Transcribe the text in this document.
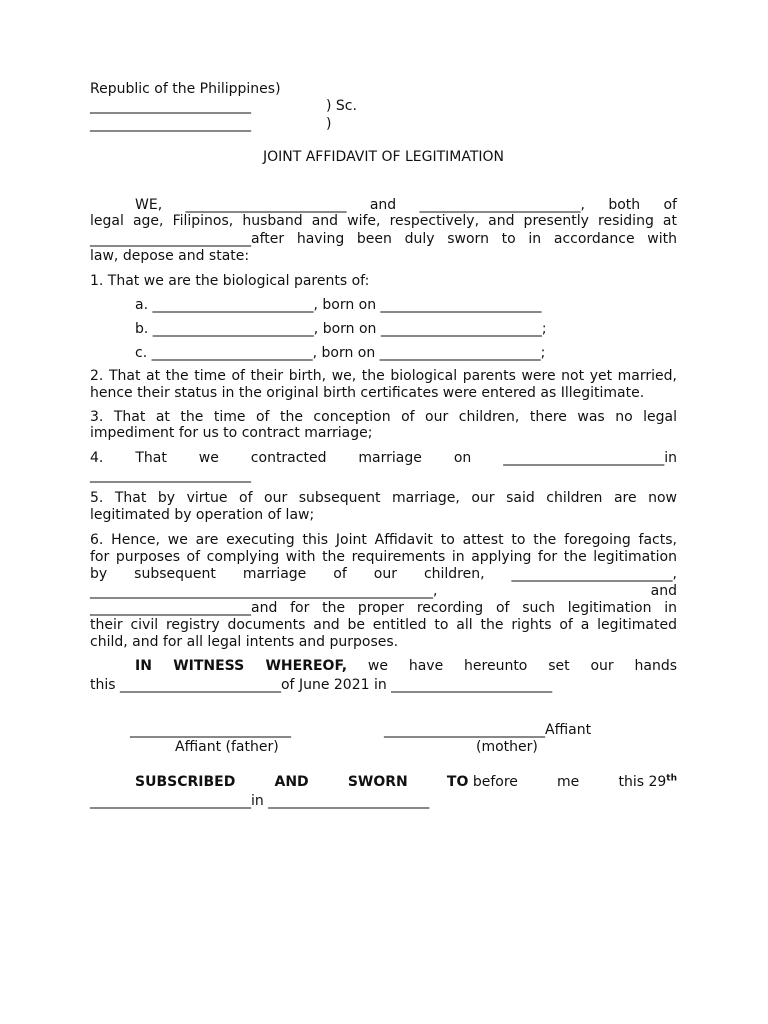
Republic of the Philippines)

_______________________	) Sc.

_______________________	)

JOINT AFFIDAVIT OF LEGITIMATION

WE, _______________________ and _______________________, both of

legal age, Filipinos, husband and wife, respectively, and presently residing at

_______________________after having been duly sworn to in accordance with

law, depose and state:

1. That we are the biological parents of:

a. _______________________, born on _______________________

b. _______________________, born on _______________________;

c. _______________________, born on _______________________;

2. That at the time of their birth, we, the biological parents were not yet married,

hence their status in the original birth certificates were entered as Illegitimate.

3. That at the time of the conception of our children, there was no legal

impediment for us to contract marriage;

4. That we contracted marriage on _______________________in

_______________________

5. That by virtue of our subsequent marriage, our said children are now

legitimated by operation of law;

6. Hence, we are executing this Joint Affidavit to attest to the foregoing facts,

for purposes of complying with the requirements in applying for the legitimation

by subsequent marriage of our children, _______________________,

_________________________________________________, and

_______________________and for the proper recording of such legitimation in

their civil registry documents and be entitled to all the rights of a legitimated

child, and for all legal intents and purposes.

IN WITNESS WHEREOF, we have hereunto set our hands

this _______________________of June 2021 in _______________________

_______________________

Affiant (father)

_______________________Affiant

(mother)

SUBSCRIBED	AND	SWORN	TO before	me	this 29th

_______________________in _______________________
